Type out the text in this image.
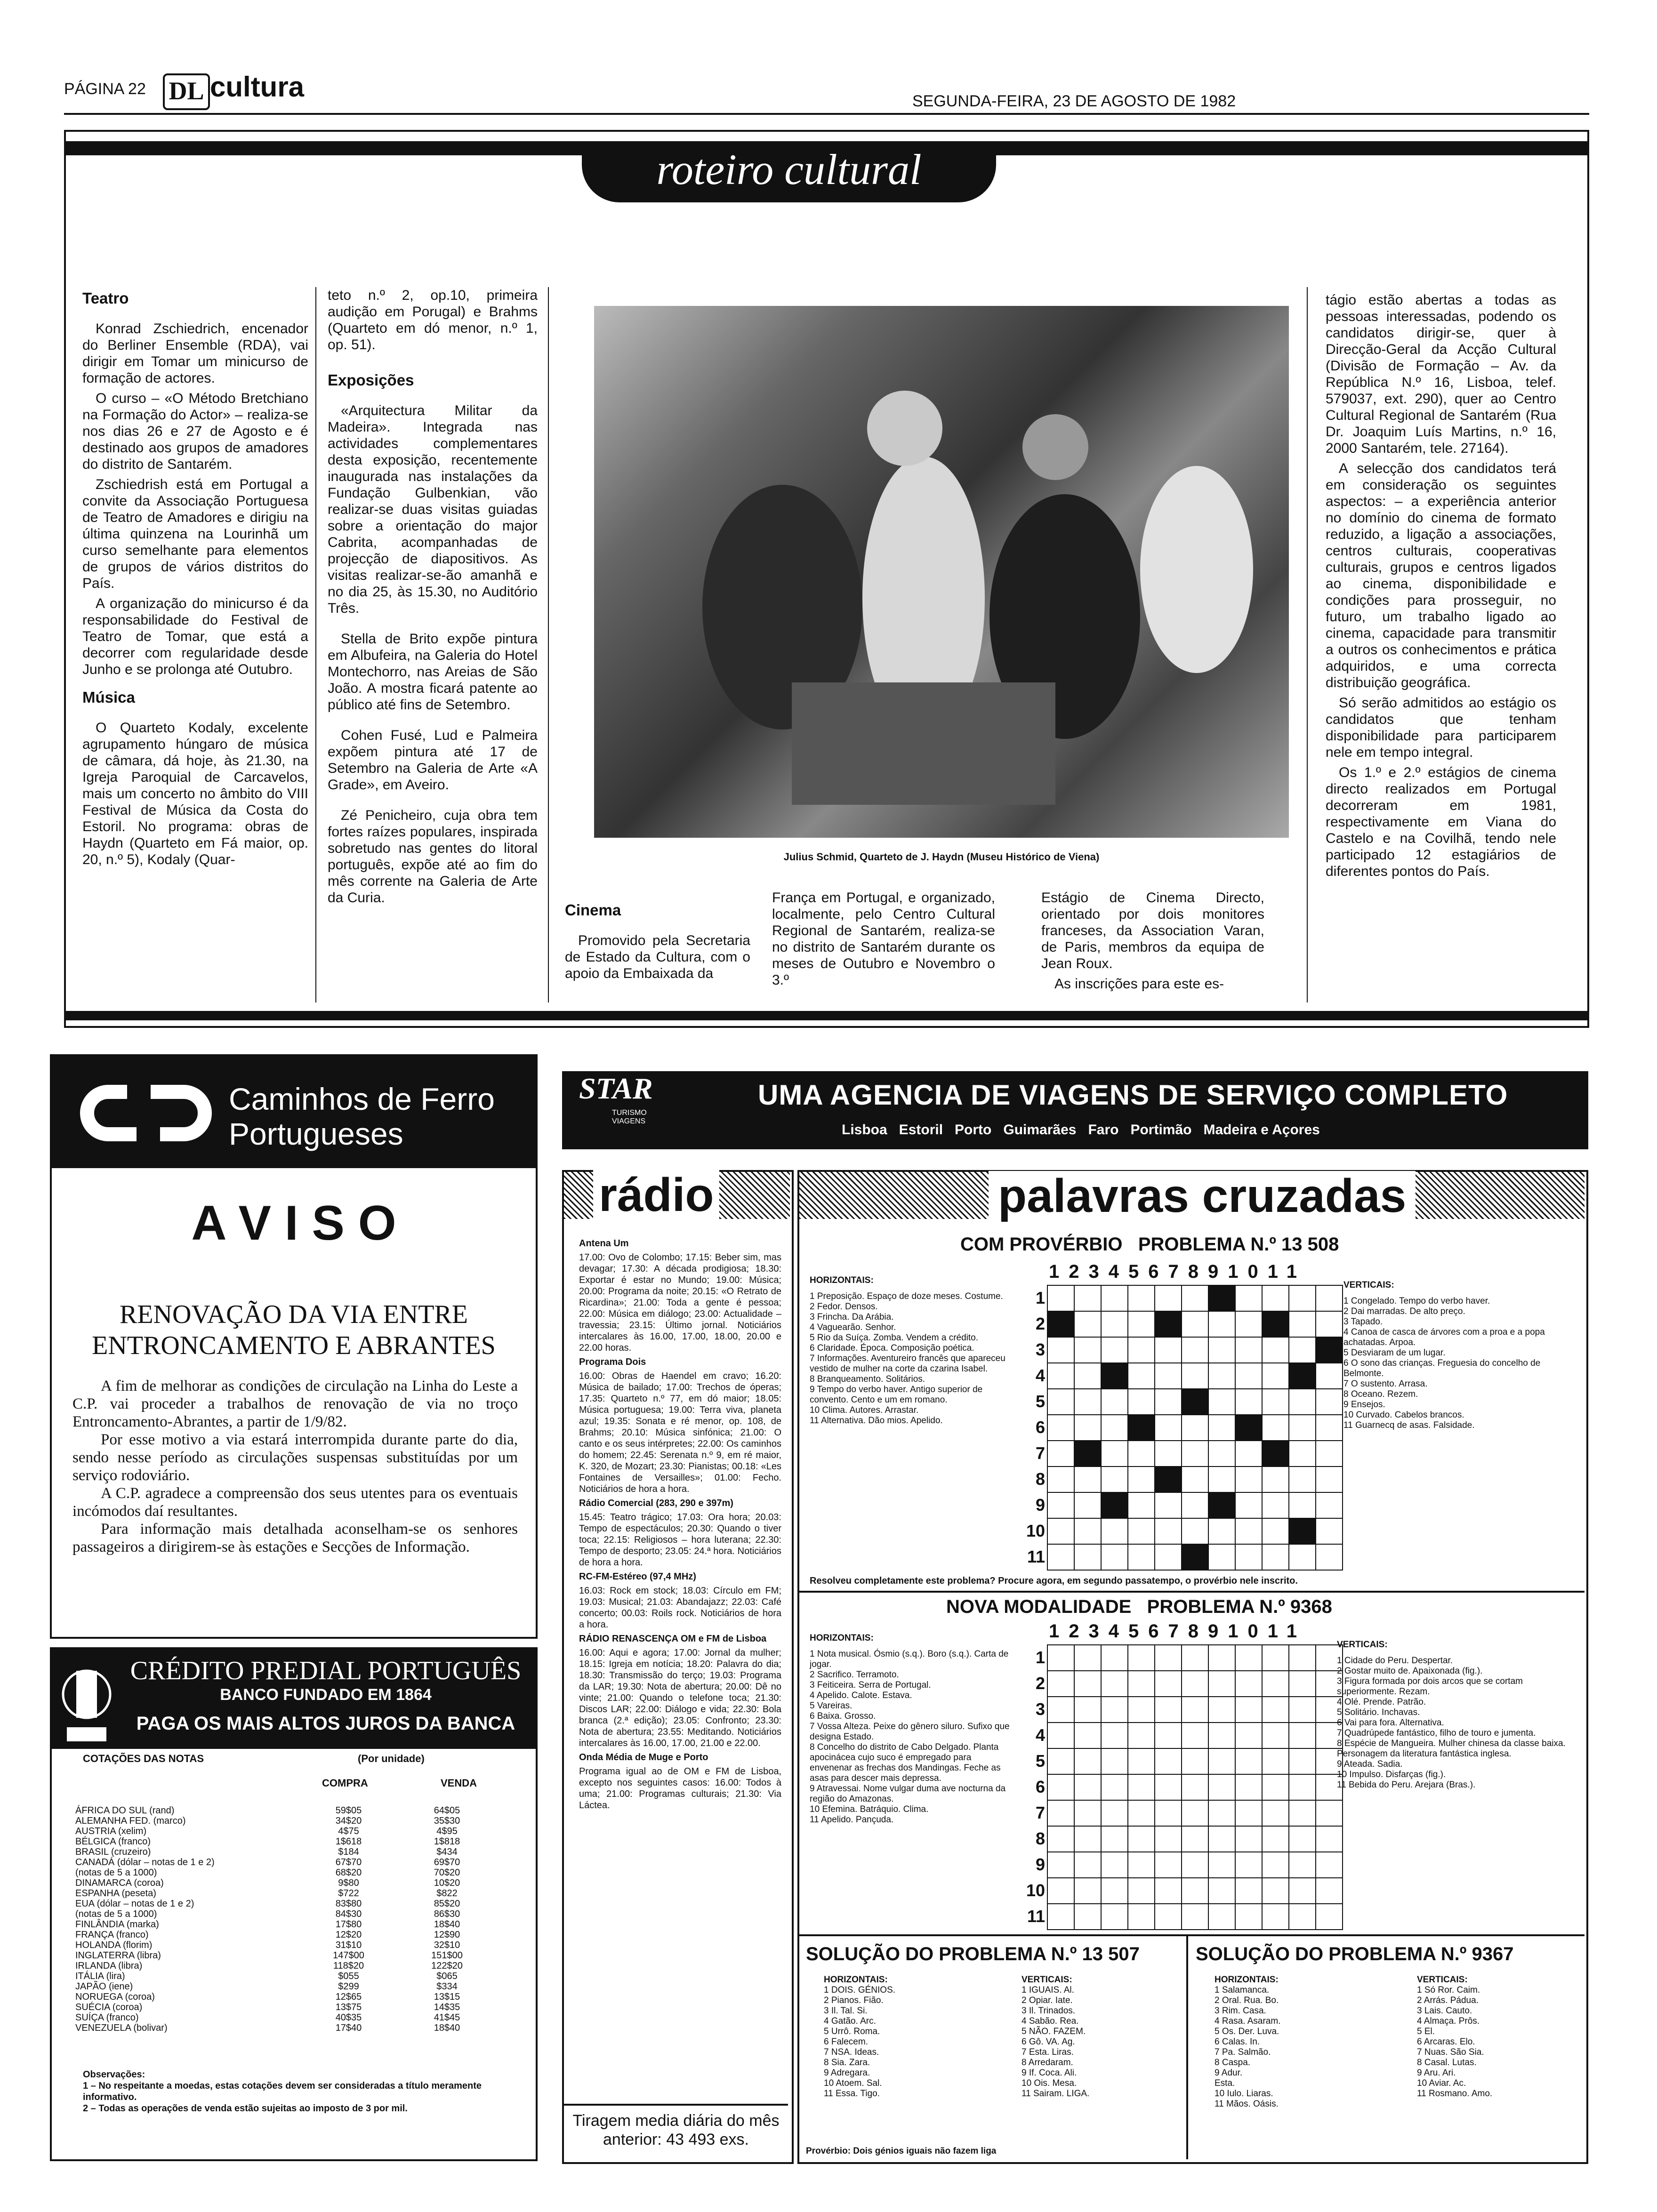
PÁGINA 22 DL cultura	SEGUNDA-FEIRA, 23 DE AGOSTO DE 1982
roteiro cultural
Teatro

Konrad Zschiedrich, encenador do Berliner Ensemble (RDA), vai dirigir em Tomar um minicurso de formação de actores.

O curso – «O Método Bretchiano na Formação do Actor» – realiza-se nos dias 26 e 27 de Agosto e é destinado aos grupos de amadores do distrito de Santarém.

Zschiedrish está em Portugal a convite da Associação Portuguesa de Teatro de Amadores e dirigiu na última quinzena na Lourinhã um curso semelhante para elementos de grupos de vários distritos do País.

A organização do minicurso é da responsabilidade do Festival de Teatro de Tomar, que está a decorrer com regularidade desde Junho e se prolonga até Outubro.

Música

O Quarteto Kodaly, excelente agrupamento húngaro de música de câmara, dá hoje, às 21.30, na Igreja Paroquial de Carcavelos, mais um concerto no âmbito do VIII Festival de Música da Costa do Estoril. No programa: obras de Haydn (Quarteto em Fá maior, op. 20, n.º 5), Kodaly (Quar-

teto n.º 2, op.10, primeira audição em Porugal) e Brahms (Quarteto em dó menor, n.º 1, op. 51).

Exposições

«Arquitectura Militar da Madeira». Integrada nas actividades complementares desta exposição, recentemente inaugurada nas instalações da Fundação Gulbenkian, vão realizar-se duas visitas guiadas sobre a orientação do major Cabrita, acompanhadas de projecção de diapositivos. As visitas realizar-se-ão amanhã e no dia 25, às 15.30, no Auditório Três.

Stella de Brito expõe pintura em Albufeira, na Galeria do Hotel Montechorro, nas Areias de São João. A mostra ficará patente ao público até fins de Setembro.

Cohen Fusé, Lud e Palmeira expõem pintura até 17 de Setembro na Galeria de Arte «A Grade», em Aveiro.

Zé Penicheiro, cuja obra tem fortes raízes populares, inspirada sobretudo nas gentes do litoral português, expõe até ao fim do mês corrente na Galeria de Arte da Curia.

Julius Schmid, Quarteto de J. Haydn (Museu Histórico de Viena)
Cinema

Promovido pela Secretaria de Estado da Cultura, com o apoio da Embaixada da

França em Portugal, e organizado, localmente, pelo Centro Cultural Regional de Santarém, realiza-se no distrito de Santarém durante os meses de Outubro e Novembro o 3.º

Estágio de Cinema Directo, orientado por dois monitores franceses, da Association Varan, de Paris, membros da equipa de Jean Roux.

As inscrições para este es-

tágio estão abertas a todas as pessoas interessadas, podendo os candidatos dirigir-se, quer à Direcção-Geral da Acção Cultural (Divisão de Formação – Av. da República N.º 16, Lisboa, telef. 579037, ext. 290), quer ao Centro Cultural Regional de Santarém (Rua Dr. Joaquim Luís Martins, n.º 16, 2000 Santarém, tele. 27164).

A selecção dos candidatos terá em consideração os seguintes aspectos: – a experiência anterior no domínio do cinema de formato reduzido, a ligação a associações, centros culturais, cooperativas culturais, grupos e centros ligados ao cinema, disponibilidade e condições para prosseguir, no futuro, um trabalho ligado ao cinema, capacidade para transmitir a outros os conhecimentos e prática adquiridos, e uma correcta distribuição geográfica.

Só serão admitidos ao estágio os candidatos que tenham disponibilidade para participarem nele em tempo integral.

Os 1.º e 2.º estágios de cinema directo realizados em Portugal decorreram em 1981, respectivamente em Viana do Castelo e na Covilhã, tendo nele participado 12 estagiários de diferentes pontos do País.

Caminhos de Ferro
Portugueses
A V I S O
RENOVAÇÃO DA VIA ENTRE
ENTRONCAMENTO E ABRANTES

A fim de melhorar as condições de circulação na Linha do Leste a C.P. vai proceder a trabalhos de renovação de via no troço Entroncamento-Abrantes, a partir de 1/9/82.

Por esse motivo a via estará interrompida durante parte do dia, sendo nesse período as circulações suspensas substituídas por um serviço rodoviário.

A C.P. agradece a compreensão dos seus utentes para os eventuais incómodos daí resultantes.

Para informação mais detalhada aconselham-se os senhores passageiros a dirigirem-se às estações e Secções de Informação.

CRÉDITO PREDIAL PORTUGUÊS
BANCO FUNDADO EM 1864
PAGA OS MAIS ALTOS JUROS DA BANCA
COTAÇÕES DAS NOTAS	(Por unidade)
COMPRA	VENDA
ÁFRICA DO SUL (rand)	59$05	64$05
ALEMANHA FED. (marco)	34$20	35$30
AUSTRIA (xelim)	4$75	4$95
BÉLGICA (franco)	1$618	1$818
BRASIL (cruzeiro)	$184	$434
CANADÁ (dólar – notas de 1 e 2)	67$70	69$70
(notas de 5 a 1000)	68$20	70$20
DINAMARCA (coroa)	9$80	10$20
ESPANHA (peseta)	$722	$822
EUA (dólar – notas de 1 e 2)	83$80	85$20
(notas de 5 a 1000)	84$30	86$30
FINLÂNDIA (marka)	17$80	18$40
FRANÇA (franco)	12$20	12$90
HOLANDA (florim)	31$10	32$10
INGLATERRA (libra)	147$00	151$00
IRLANDA (libra)	118$20	122$20
ITÁLIA (lira)	$055	$065
JAPÃO (iene)	$299	$334
NORUEGA (coroa)	12$65	13$15
SUÉCIA (coroa)	13$75	14$35
SUÍÇA (franco)	40$35	41$45
VENEZUELA (bolivar)	17$40	18$40
Observações:
1 – No respeitante a moedas, estas cotações devem ser consideradas a título meramente informativo.
2 – Todas as operações de venda estão sujeitas ao imposto de 3 por mil.
STAR
TURISMO VIAGENS
UMA AGENCIA DE VIAGENS DE SERVIÇO COMPLETO
Lisboa   Estoril   Porto   Guimarães   Faro   Portimão   Madeira e Açores
rádio

Antena Um

17.00: Ovo de Colombo; 17.15: Beber sim, mas devagar; 17.30: A década prodigiosa; 18.30: Exportar é estar no Mundo; 19.00: Música; 20.00: Programa da noite; 20.15: «O Retrato de Ricardina»; 21.00: Toda a gente é pessoa; 22.00: Música em diálogo; 23.00: Actualidade – travessia; 23.15: Último jornal. Noticiários intercalares às 16.00, 17.00, 18.00, 20.00 e 22.00 horas.

Programa Dois

16.00: Obras de Haendel em cravo; 16.20: Música de bailado; 17.00: Trechos de óperas; 17.35: Quarteto n.º 77, em dó maior; 18.05: Música portuguesa; 19.00: Terra viva, planeta azul; 19.35: Sonata e ré menor, op. 108, de Brahms; 20.10: Música sinfónica; 21.00: O canto e os seus intérpretes; 22.00: Os caminhos do homem; 22.45: Serenata n.º 9, em ré maior, K. 320, de Mozart; 23.30: Pianistas; 00.18: «Les Fontaines de Versailles»; 01.00: Fecho. Noticiários de hora a hora.

Rádio Comercial (283, 290 e 397m)

15.45: Teatro trágico; 17.03: Ora hora; 20.03: Tempo de espectáculos; 20.30: Quando o tiver toca; 22.15: Religiosos – hora luterana; 22.30: Tempo de desporto; 23.05: 24.ª hora. Noticiários de hora a hora.

RC-FM-Estéreo (97,4 MHz)

16.03: Rock em stock; 18.03: Círculo em FM; 19.03: Musical; 21.03: Abandajazz; 22.03: Café concerto; 00.03: Roils rock. Noticiários de hora a hora.

RÁDIO RENASCENÇA OM e FM de Lisboa

16.00: Aqui e agora; 17.00: Jornal da mulher; 18.15: Igreja em notícia; 18.20: Palavra do dia; 18.30: Transmissão do terço; 19.03: Programa da LAR; 19.30: Nota de abertura; 20.00: Dê no vinte; 21.00: Quando o telefone toca; 21.30: Discos LAR; 22.00: Diálogo e vida; 22.30: Bola branca (2.ª edição); 23.05: Confronto; 23.30: Nota de abertura; 23.55: Meditando. Noticiários intercalares às 16.00, 17.00, 21.00 e 22.00.

Onda Média de Muge e Porto

Programa igual ao de OM e FM de Lisboa, excepto nos seguintes casos: 16.00: Todos à uma; 21.00: Programas culturais; 21.30: Via Láctea.

Tiragem media diária do mês anterior: 43 493 exs.
palavras cruzadas
COM PROVÉRBIO   PROBLEMA N.º 13 508
HORIZONTAIS:
1 Preposição. Espaço de doze meses. Costume.
2 Fedor. Densos.
3 Frincha. Da Arábia.
4 Vaguearão. Senhor.
5 Rio da Suíça. Zomba. Vendem a crédito.
6 Claridade. Época. Composição poética.
7 Informações. Aventureiro francês que apareceu vestido de mulher na corte da czarina Isabel.
8 Branqueamento. Solitários.
9 Tempo do verbo haver. Antigo superior de convento. Cento e um em romano.
10 Clima. Autores. Arrastar.
11 Alternativa. Dão mios. Apelido.
1234567891011
1
2
3
4
5
6
7
8
9
10
11

VERTICAIS:
1 Congelado. Tempo do verbo haver.
2 Dai marradas. De alto preço.
3 Tapado.
4 Canoa de casca de árvores com a proa e a popa achatadas. Arpoa.
5 Desviaram de um lugar.
6 O sono das crianças. Freguesia do concelho de Belmonte.
7 O sustento. Arrasa.
8 Oceano. Rezem.
9 Ensejos.
10 Curvado. Cabelos brancos.
11 Guarnecq de asas. Falsidade.
Resolveu completamente este problema? Procure agora, em segundo passatempo, o provérbio nele inscrito.
NOVA MODALIDADE   PROBLEMA N.º 9368
HORIZONTAIS:
1 Nota musical. Ósmio (s.q.). Boro (s.q.). Carta de jogar.
2 Sacrifico. Terramoto.
3 Feiticeira. Serra de Portugal.
4 Apelido. Calote. Estava.
5 Vareiras.
6 Baixa. Grosso.
7 Vossa Alteza. Peixe do gênero siluro. Sufixo que designa Estado.
8 Concelho do distrito de Cabo Delgado. Planta apocinácea cujo suco é empregado para envenenar as frechas dos Mandingas. Feche as asas para descer mais depressa.
9 Atravessai. Nome vulgar duma ave nocturna da região do Amazonas.
10 Efemina. Batráquio. Clima.
11 Apelido. Pançuda.
1234567891011
1
2
3
4
5
6
7
8
9
10
11

VERTICAIS:
1 Cidade do Peru. Despertar.
2 Gostar muito de. Apaixonada (fig.).
3 Figura formada por dois arcos que se cortam superiormente. Rezam.
4 Olé. Prende. Patrão.
5 Solitário. Inchavas.
6 Vai para fora. Alternativa.
7 Quadrúpede fantástico, filho de touro e jumenta.
8 Espécie de Mangueira. Mulher chinesa da classe baixa. Personagem da literatura fantástica inglesa.
9 Ateada. Sadia.
10 Impulso. Disfarças (fig.).
11 Bebida do Peru. Arejara (Bras.).
SOLUÇÃO DO PROBLEMA N.º 13 507
HORIZONTAIS:
1 DOIS. GÉNIOS.
2 Pianos. Fião.
3 Il. Tal. Si.
4 Gatão. Arc.
5 Urrô. Roma.
6 Falecem.
7 NSA. Ideas.
8 Sia. Zara.
9 Adregara.
10 Atoem. Sal.
11 Essa. Tigo.
VERTICAIS:
1 IGUAIS. Al.
2 Opiar. Iate.
3 Il. Trinados.
4 Sabão. Rea.
5 NÃO. FAZEM.
6 Gô. VA. Ag.
7 Esta. Liras.
8 Arredaram.
9 If. Coca. Ali.
10 Ois. Mesa.
11 Sairam. LIGA.
Provérbio: Dois génios iguais não fazem liga
SOLUÇÃO DO PROBLEMA N.º 9367
HORIZONTAIS:
1 Salamanca.
2 Oral. Rua. Bo.
3 Rim. Casa.
4 Rasa. Asaram.
5 Os. Der. Luva.
6 Calas. In.
7 Pa. Salmão.
8 Caspa.
9 Adur.
Esta.
10 Iulo. Liaras.
11 Mãos. Oásis.
VERTICAIS:
1 Só Ror. Caim.
2 Arrás. Pádua.
3 Lais. Cauto.
4 Almaça. Prôs.
5 El.
6 Arcaras. Elo.
7 Nuas. São Sia.
8 Casal. Lutas.
9 Aru. Ari.
10 Aviar. Ac.
11 Rosmano. Amo.
